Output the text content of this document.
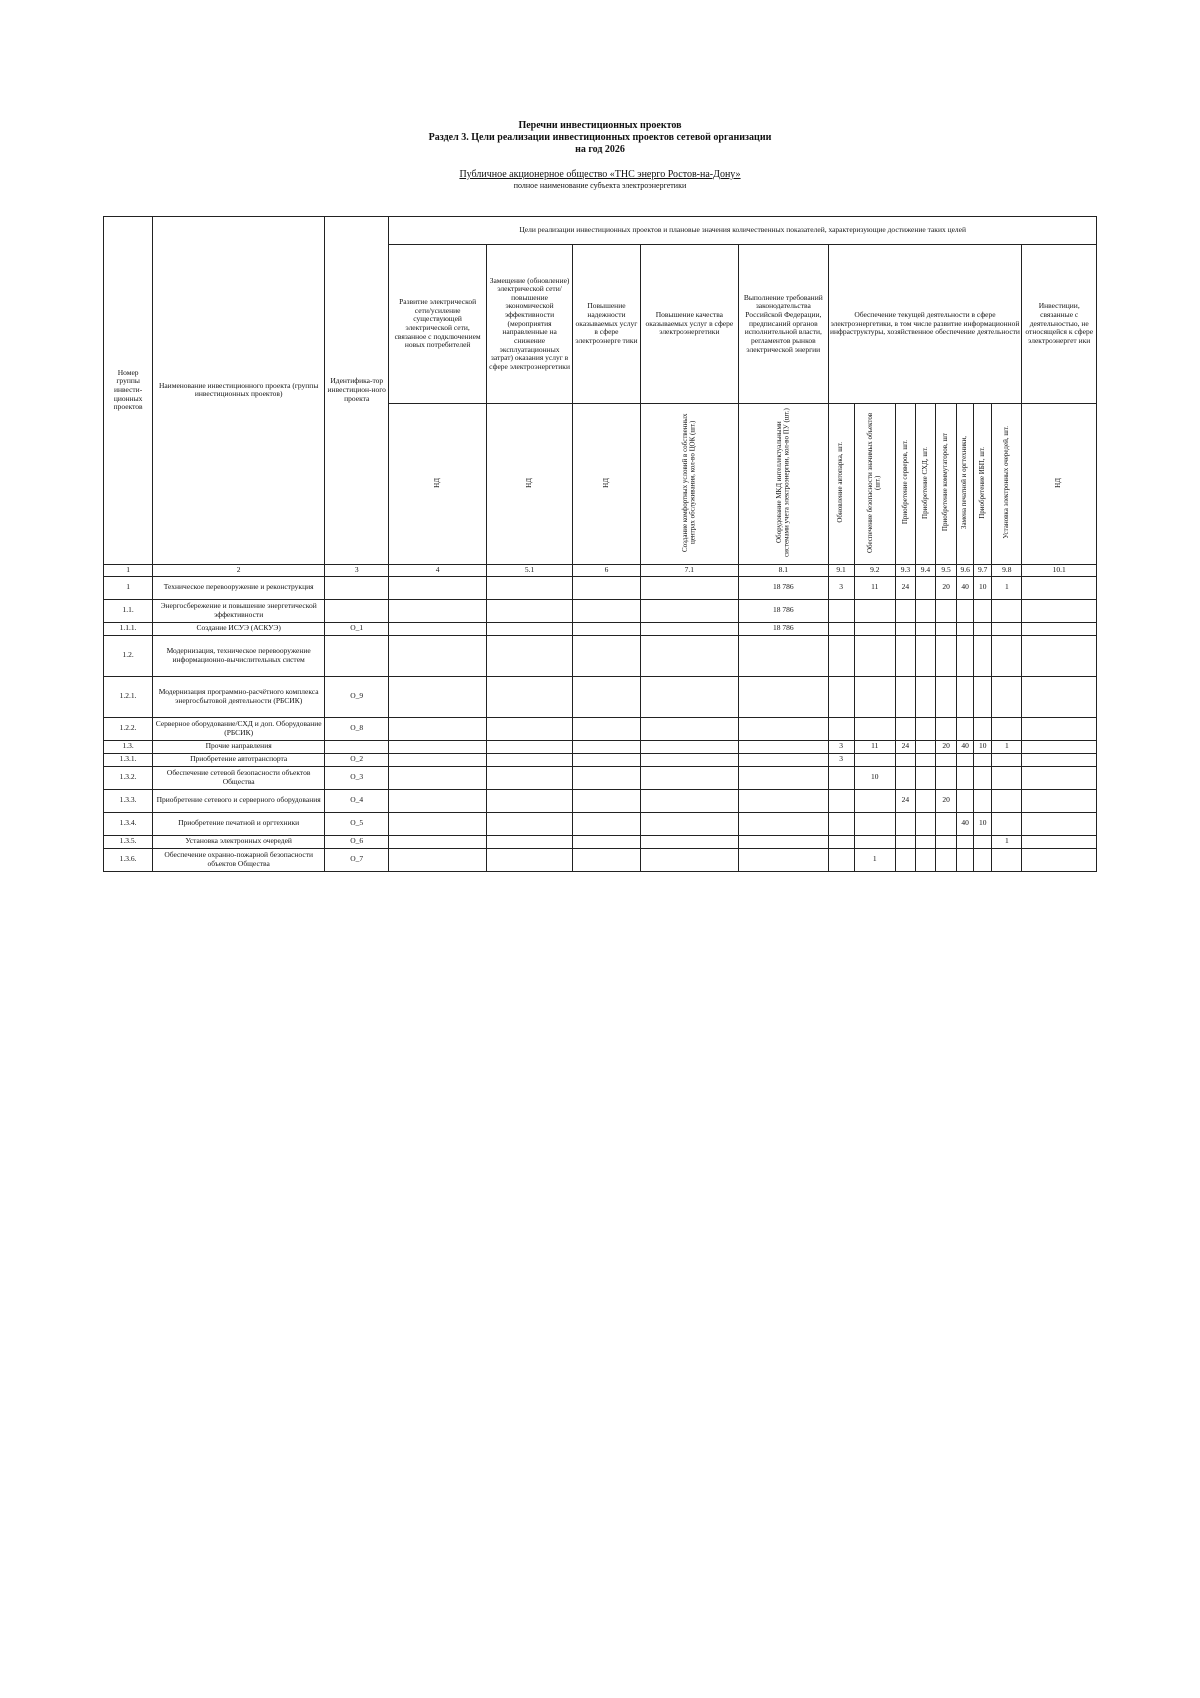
Перечни инвестиционных проектов
Раздел 3. Цели реализации инвестиционных проектов сетевой организации
на год 2026
Публичное акционерное общество «ТНС энерго Ростов-на-Дону»
полное наименование субъекта электроэнергетики
Номер группы инвести-ционных проектов	Наименование инвестиционного проекта (группы инвестиционных проектов)	Идентифика-тор инвестицион-ного проекта	Цели реализации инвестиционных проектов и плановые значения количественных показателей, характеризующие достижение таких целей													
			Развитие электрической сети/усиление существующей электрической сети, связанное с подключением новых потребителей	Замещение (обновление) электрической сети/повышение экономической эффективности (мероприятия направленные на снижение эксплуатационных затрат) оказания услуг в сфере электроэнергетики	Повышение надежности оказываемых услуг в сфере электроэнерге тики	Повышение качества оказываемых услуг в сфере электроэнергетики	Выполнение требований законодательства Российской Федерации, предписаний органов исполнительной власти, регламентов рынков электрической энергии	Обеспечение текущей деятельности в сфере электроэнергетики, в том числе развитие информационной инфраструктуры, хозяйственное обеспечение деятельности								Инвестиции, связанные с деятельностью, не относящейся к сфере электроэнергет ики
			НД	НД	НД	Создание комфортных условий в собственных центрах обслуживания, кол-во ЦОК (шт.)	Оборудование МКД интеллектуальными системами учета электроэнергии, кол-во ПУ (шт.)	Обновление автопарка, шт.	Обеспечение безопасности значимых объектов (шт.)	Приобретение серверов, шт.	Приобретение СХД, шт.	Приобретение коммутаторов, шт	Замена печатной и оргтехники,	Приобретение ИБП, шт.	Установка электронных очередей, шт.	НД
1	2	3	4	5.1	6	7.1	8.1	9.1	9.2	9.3	9.4	9.5	9.6	9.7	9.8	10.1
1	Техническое перевооружение и реконструкция						18 786	3	11	24		20	40	10	1	
1.1.	Энергосбережение и повышение энергетической эффективности						18 786									
1.1.1.	Создание ИСУЭ (АСКУЭ)	О_1					18 786									
1.2.	Модернизация, техническое перевооружение информационно-вычислительных систем															
1.2.1.	Модернизация программно-расчётного комплекса энергосбытовой деятельности (РБСИК)	О_9														
1.2.2.	Серверное оборудование/СХД и доп. Оборудование (РБСИК)	О_8														
1.3.	Прочие направления							3	11	24		20	40	10	1	
1.3.1.	Приобретение автотранспорта	О_2						3								
1.3.2.	Обеспечение сетевой безопасности объектов Общества	О_3							10							
1.3.3.	Приобретение сетевого и серверного оборудования	О_4								24		20				
1.3.4.	Приобретение печатной и оргтехники	О_5											40	10		
1.3.5.	Установка электронных очередей	О_6													1	
1.3.6.	Обеспечение охранно-пожарной безопасности объектов Общества	О_7							1							
